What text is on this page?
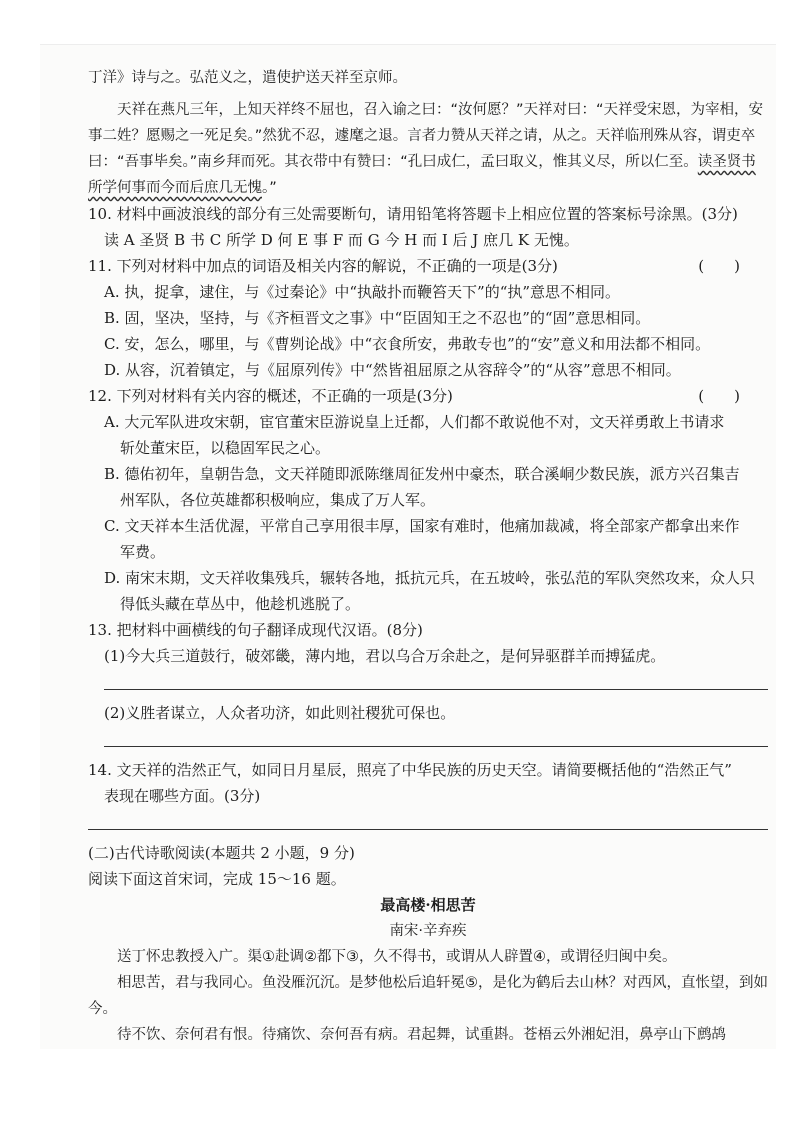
丁洋》诗与之。弘范义之，遣使护送天祥至京师。

天祥在燕凡三年，上知天祥终不屈也，召入谕之曰：“汝何愿？”天祥对曰：“天祥受宋恩，为宰相，安事二姓？愿赐之一死足矣。”然犹不忍，遽麾之退。言者力赞从天祥之请，从之。天祥临刑殊从容，谓吏卒曰：“吾事毕矣。”南乡拜而死。其衣带中有赞曰：“孔曰成仁，孟曰取义，惟其义尽，所以仁至。读圣贤书所学何事而今而后庶几无愧。”

10. 材料中画波浪线的部分有三处需要断句，请用铅笔将答题卡上相应位置的答案标号涂黑。(3分)

读 A 圣贤 B 书 C 所学 D 何 E 事 F 而 G 今 H 而 I 后 J 庶几 K 无愧。

11. 下列对材料中加点的词语及相关内容的解说，不正确的一项是(3分)	(　　)

A. 执，捉拿，逮住，与《过秦论》中“执敲扑而鞭笞天下”的“执”意思不相同。

B. 固，坚决，坚持，与《齐桓晋文之事》中“臣固知王之不忍也”的“固”意思相同。

C. 安，怎么，哪里，与《曹刿论战》中“衣食所安，弗敢专也”的“安”意义和用法都不相同。

D. 从容，沉着镇定，与《屈原列传》中“然皆祖屈原之从容辞令”的“从容”意思不相同。

12. 下列对材料有关内容的概述，不正确的一项是(3分)	(　　)

A. 大元军队进攻宋朝，宦官董宋臣游说皇上迁都，人们都不敢说他不对，文天祥勇敢上书请求
斩处董宋臣，以稳固军民之心。

B. 德佑初年，皇朝告急，文天祥随即派陈继周征发州中豪杰，联合溪峒少数民族，派方兴召集吉
州军队，各位英雄都积极响应，集成了万人军。

C. 文天祥本生活优渥，平常自己享用很丰厚，国家有难时，他痛加裁减，将全部家产都拿出来作
军费。

D. 南宋末期，文天祥收集残兵，辗转各地，抵抗元兵，在五坡岭，张弘范的军队突然攻来，众人只
得低头藏在草丛中，他趁机逃脱了。

13. 把材料中画横线的句子翻译成现代汉语。(8分)

(1)今大兵三道鼓行，破郊畿，薄内地，君以乌合万余赴之，是何异驱群羊而搏猛虎。

(2)义胜者谋立，人众者功济，如此则社稷犹可保也。

14. 文天祥的浩然正气，如同日月星辰，照亮了中华民族的历史天空。请简要概括他的“浩然正气”

表现在哪些方面。(3分)

(二)古代诗歌阅读(本题共 2 小题，9 分)

阅读下面这首宋词，完成 15～16 题。

最高楼·相思苦

南宋·辛弃疾

送丁怀忠教授入广。渠①赴调②都下③，久不得书，或谓从人辟置④，或谓径归闽中矣。

相思苦，君与我同心。鱼没雁沉沉。是梦他松后追轩冕⑤，是化为鹤后去山林？对西风，直怅望，到如今。

待不饮、奈何君有恨。待痛饮、奈何吾有病。君起舞，试重斟。苍梧云外湘妃泪，鼻亭山下鹧鸪
